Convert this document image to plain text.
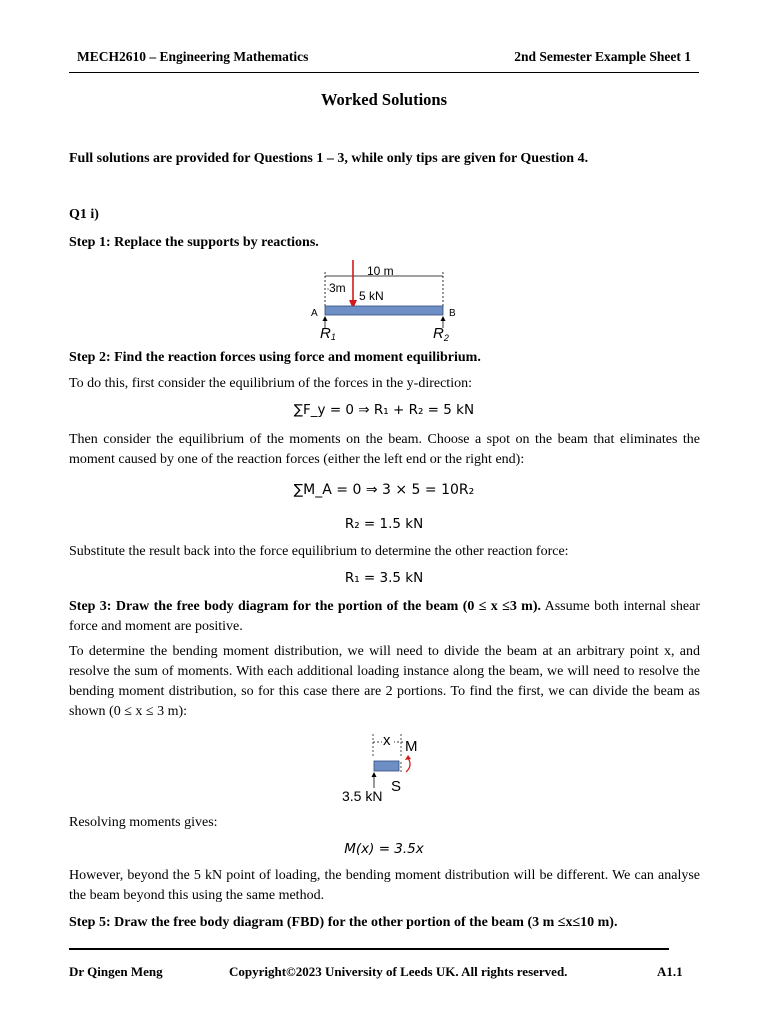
MECH2610 – Engineering Mathematics	2nd Semester Example Sheet 1
Worked Solutions
Full solutions are provided for Questions 1 – 3, while only tips are given for Question 4.
Q1 i)
Step 1: Replace the supports by reactions.
10 m
3m
5 kN
A	B
R1	$R_2$
Step 2: Find the reaction forces using force and moment equilibrium.
To do this, first consider the equilibrium of the forces in the y-direction:
∑F_y = 0 ⇒ R₁ + R₂ = 5 kN
Then consider the equilibrium of the moments on the beam. Choose a spot on the beam that eliminates the moment caused by one of the reaction forces (either the left end or the right end):
∑M_A = 0 ⇒ 3 × 5 = 10R₂
R₂ = 1.5 kN
Substitute the result back into the force equilibrium to determine the other reaction force:
R₁ = 3.5 kN
Step 3: Draw the free body diagram for the portion of the beam (0 ≤ x ≤3 m). Assume both internal shear force and moment are positive.
To determine the bending moment distribution, we will need to divide the beam at an arbitrary point x, and resolve the sum of moments. With each additional loading instance along the beam, we will need to resolve the bending moment distribution, so for this case there are 2 portions. To find the first, we can divide the beam as shown (0 ≤ x ≤ 3 m):
x M
S
3.5 kN
Resolving moments gives:
M(x) = 3.5x
However, beyond the 5 kN point of loading, the bending moment distribution will be different. We can analyse the beam beyond this using the same method.
Step 5: Draw the free body diagram (FBD) for the other portion of the beam (3 m ≤x≤10 m).
Dr Qingen Meng	Copyright©2023 University of Leeds UK. All rights reserved.	A1.1
